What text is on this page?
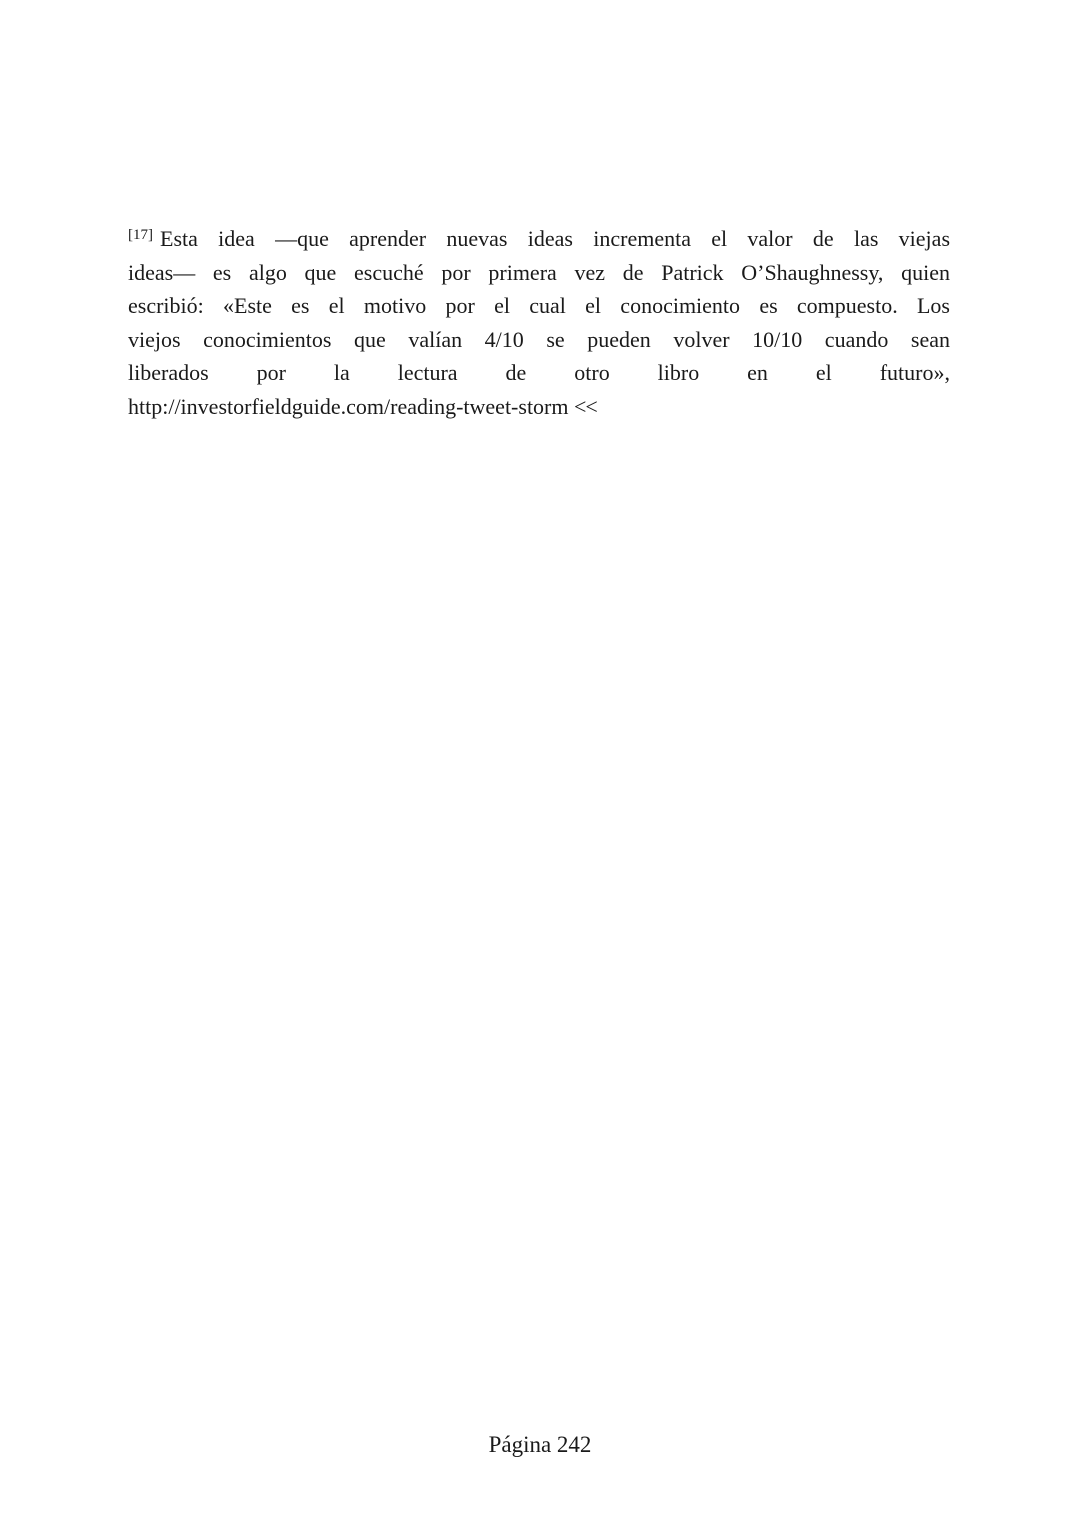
[17] Esta idea —que aprender nuevas ideas incrementa el valor de las viejas
ideas— es algo que escuché por primera vez de Patrick O’Shaughnessy, quien
escribió: «Este es el motivo por el cual el conocimiento es compuesto. Los
viejos conocimientos que valían 4/10 se pueden volver 10/10 cuando sean
liberados por la lectura de otro libro en el futuro»,
http://investorfieldguide.com/reading-tweet-storm <<
Página 242
